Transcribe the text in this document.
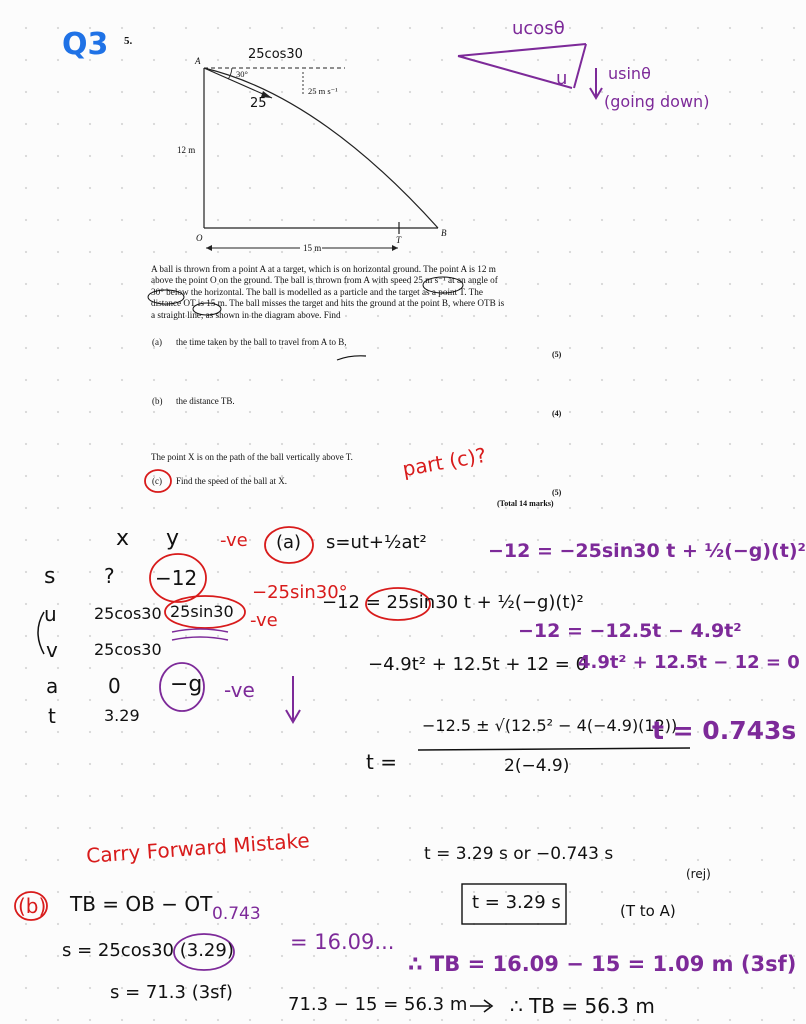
Q3 5.
A
30°
25 m s⁻¹
12 m
O	T
B
15 m
25cos30
25
ucosθ
u	usinθ
(going down)
A ball is thrown from a point A at a target, which is on horizontal ground. The point A is 12 m
above the point O on the ground. The ball is thrown from A with speed 25 m s⁻¹ at an angle of
30° below the horizontal. The ball is modelled as a particle and the target as a point T. The
distance OT is 15 m. The ball misses the target and hits the ground at the point B, where OTB is
a straight line, as shown in the diagram above. Find
(a) the time taken by the ball to travel from A to B,
(5)
(b) the distance TB.
(4)
The point X is on the path of the ball vertically above T.
(c) Find the speed of the ball at X.
(5)
(Total 14 marks)
part (c)?
x y
s ? −12
u 25cos30 25sin30
v 25cos30
a 0 −g
t	3.29
-ve
−25sin30°
-ve
-ve
(a) s=ut+½at²
−12 = 25sin30 t + ½(−g)(t)²
−12 = −25sin30 t + ½(−g)(t)²
−12 = −12.5t − 4.9t²
−4.9t² + 12.5t + 12 = 0
4.9t² + 12.5t − 12 = 0
t =
−12.5 ± √(12.5² − 4(−4.9)(12))
2(−4.9)
t = 0.743s
Carry Forward Mistake	t = 3.29 s or −0.743 s
(rej)
t = 3.29 s	(T to A)
(b) TB = OB − OT
s = 25cos30 (3.29)
s = 71.3 (3sf)
0.743
= 16.09...
71.3 − 15 = 56.3 m ∴ TB = 56.3 m
∴ TB = 16.09 − 15 = 1.09 m (3sf)
